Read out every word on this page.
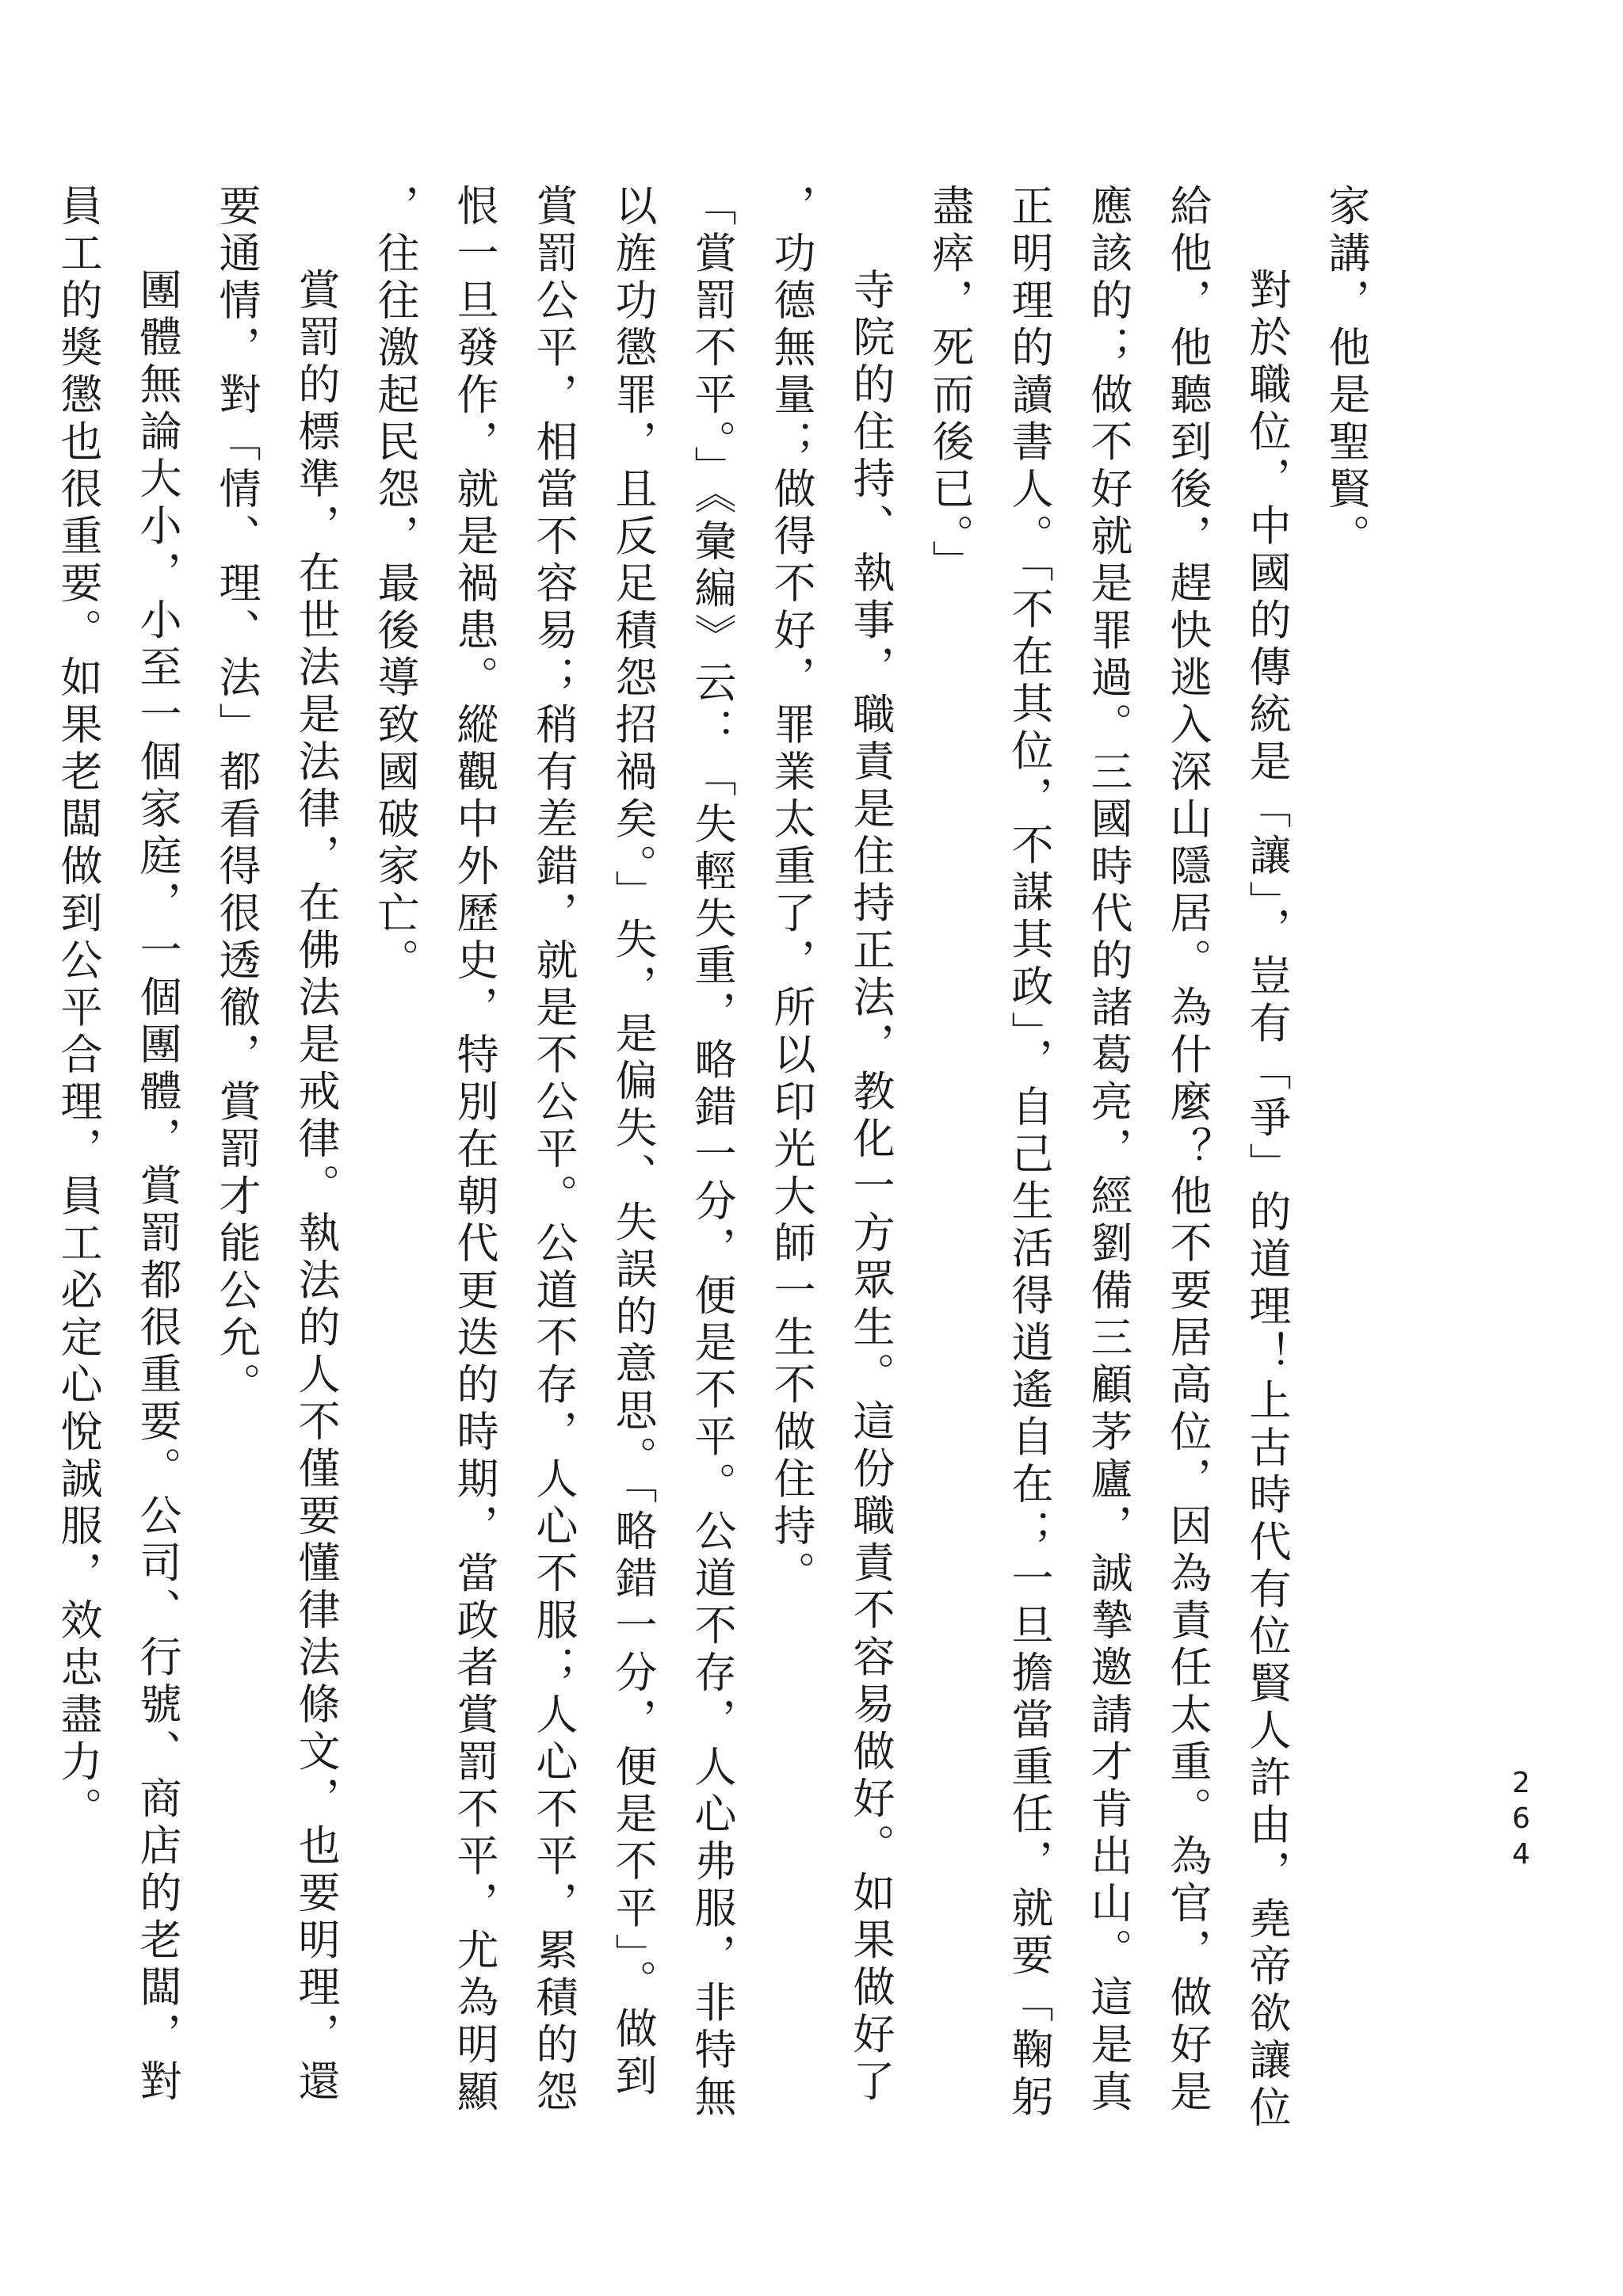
家講，他是聖賢。

對於職位，中國的傳統是「讓」，豈有「爭」的道理！上古時代有位賢人許由，堯帝欲讓位給他，他聽到後，趕快逃入深山隱居。為什麼？他不要居高位，因為責任太重。為官，做好是應該的；做不好就是罪過。三國時代的諸葛亮，經劉備三顧茅廬，誠摯邀請才肯出山。這是真正明理的讀書人。「不在其位，不謀其政」，自己生活得逍遙自在；一旦擔當重任，就要「鞠躬盡瘁，死而後已。」

寺院的住持、執事，職責是住持正法，教化一方眾生。這份職責不容易做好。如果做好了，功德無量；做得不好，罪業太重了，所以印光大師一生不做住持。

「賞罰不平。」《彙編》云：「失輕失重，略錯一分，便是不平。公道不存，人心弗服，非特無以旌功懲罪，且反足積怨招禍矣。」失，是偏失、失誤的意思。「略錯一分，便是不平」。做到賞罰公平，相當不容易；稍有差錯，就是不公平。公道不存，人心不服；人心不平，累積的怨恨一旦發作，就是禍患。縱觀中外歷史，特別在朝代更迭的時期，當政者賞罰不平，尤為明顯，往往激起民怨，最後導致國破家亡。

賞罰的標準，在世法是法律，在佛法是戒律。執法的人不僅要懂律法條文，也要明理，還要通情，對「情、理、法」都看得很透徹，賞罰才能公允。

團體無論大小，小至一個家庭，一個團體，賞罰都很重要。公司、行號、商店的老闆，對員工的獎懲也很重要。如果老闆做到公平合理，員工必定心悅誠服，效忠盡力。	264
